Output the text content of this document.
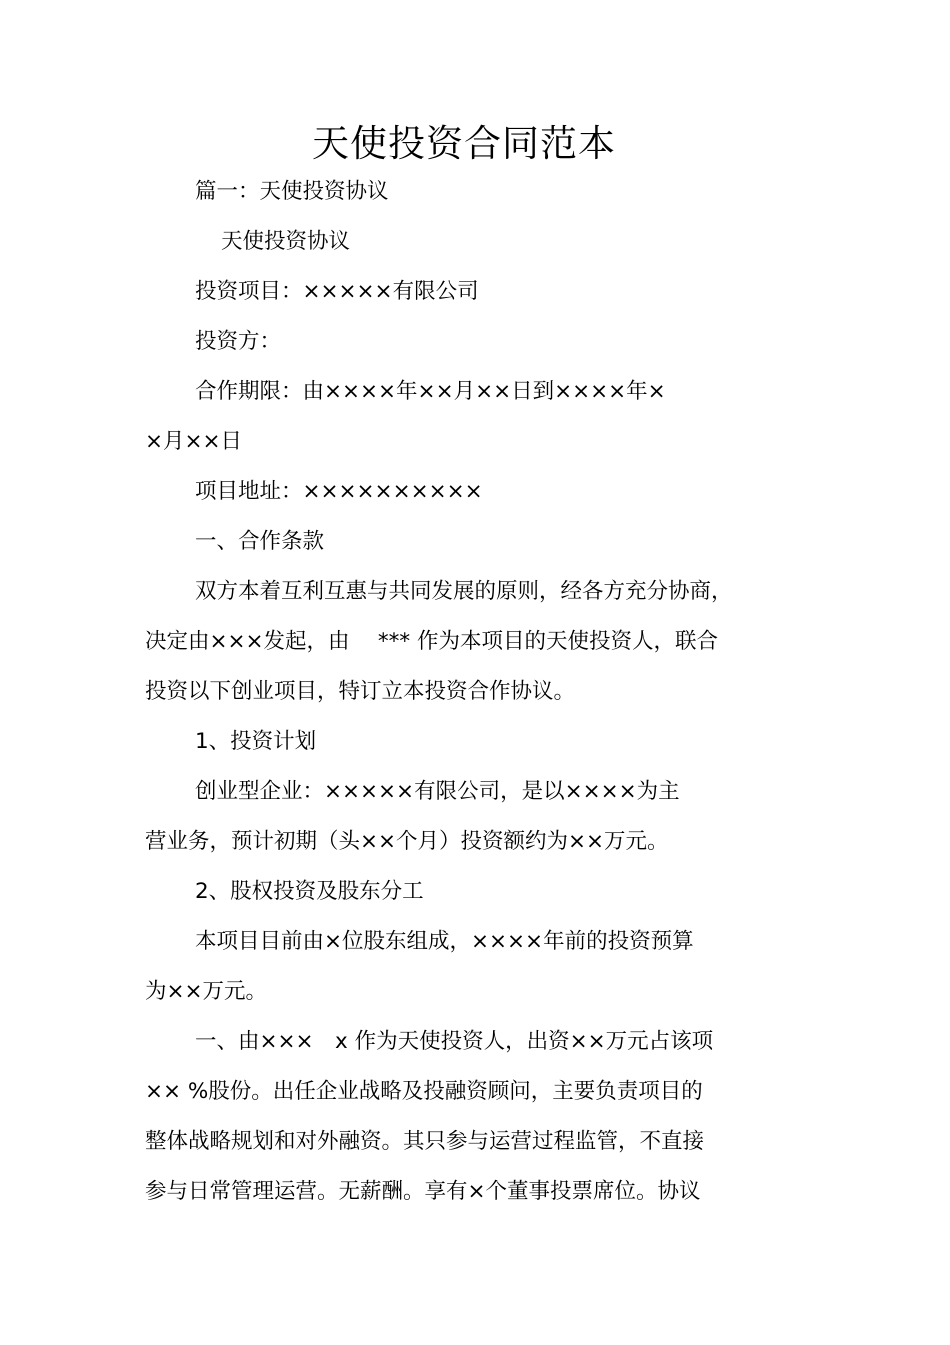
天使投资合同范本
篇一：天使投资协议
天使投资协议
投资项目：×××××有限公司
投资方：
合作期限：由××××年××月××日到××××年×
×月××日
项目地址：××××××××××
一、合作条款
双方本着互利互惠与共同发展的原则，经各方充分协商，
决定由×××发起，由　 *** 作为本项目的天使投资人，联合
投资以下创业项目，特订立本投资合作协议。
1、投资计划
创业型企业：×××××有限公司，是以××××为主
营业务，预计初期（头××个月）投资额约为××万元。
2、股权投资及股东分工
本项目目前由×位股东组成，××××年前的投资预算
为××万元。
一、由×××　x 作为天使投资人，出资××万元占该项
×× %股份。出任企业战略及投融资顾问，主要负责项目的
整体战略规划和对外融资。其只参与运营过程监管，不直接
参与日常管理运营。无薪酬。享有×个董事投票席位。协议
